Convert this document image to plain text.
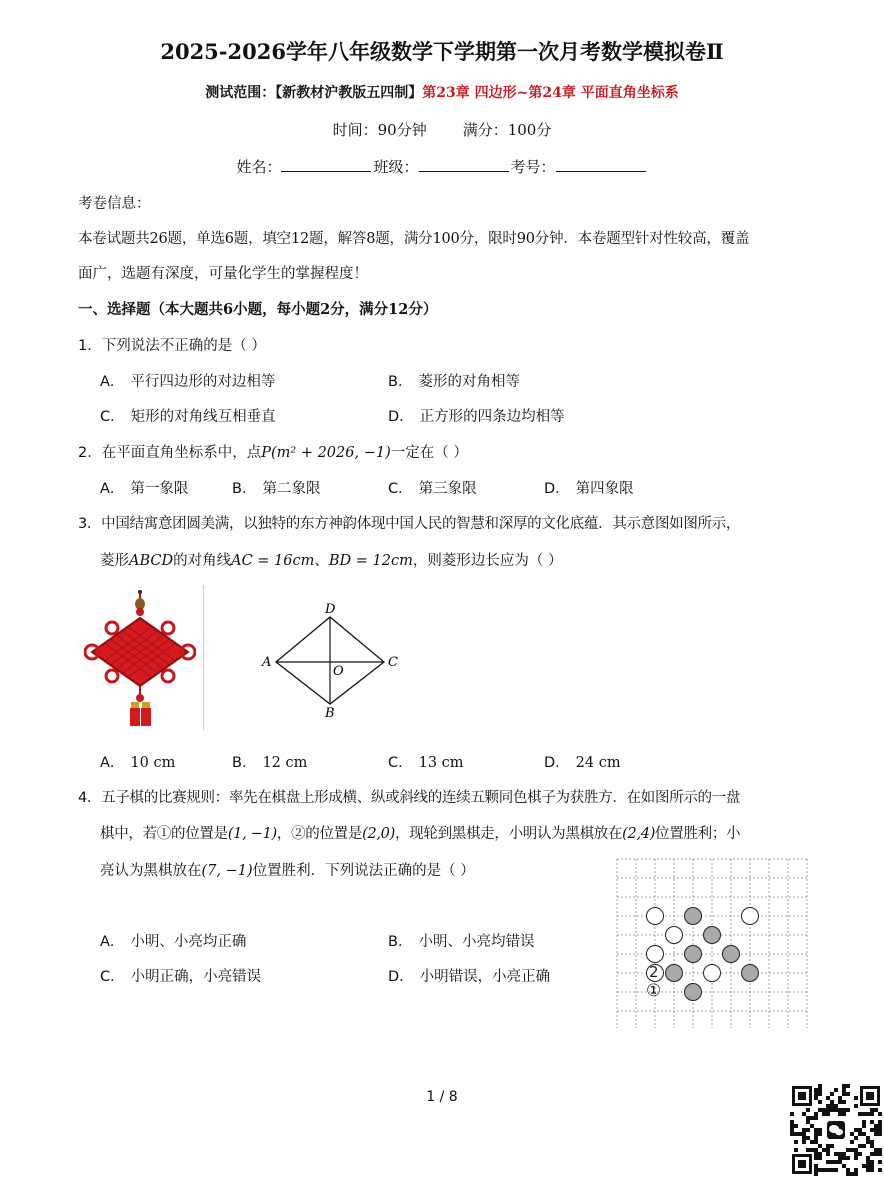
2025-2026学年八年级数学下学期第一次月考数学模拟卷Ⅱ
测试范围：【新教材沪教版五四制】第23章 四边形~第24章 平面直角坐标系
时间：90分钟 满分：100分
姓名：	班级：	考号：
考卷信息：
本卷试题共26题，单选6题，填空12题，解答8题，满分100分，限时90分钟．本卷题型针对性较高，覆盖
面广，选题有深度，可量化学生的掌握程度！
一、选择题（本大题共6小题，每小题2分，满分12分）
1．下列说法不正确的是（ ）
A． 平行四边形的对边相等	B． 菱形的对角相等
C． 矩形的对角线互相垂直	D． 正方形的四条边均相等
2．在平面直角坐标系中，点P(m² + 2026, −1)一定在（ ）
A． 第一象限	B． 第二象限	C． 第三象限	D． 第四象限
3．中国结寓意团圆美满，以独特的东方神韵体现中国人民的智慧和深厚的文化底蕴．其示意图如图所示，
菱形ABCD的对角线AC = 16cm、BD = 12cm，则菱形边长应为（ ）
A	C
D
B
O
A． 10 cm	B． 12 cm	C． 13 cm	D． 24 cm
4．五子棋的比赛规则：率先在棋盘上形成横、纵或斜线的连续五颗同色棋子为获胜方．在如图所示的一盘
棋中，若①的位置是(1, −1)，②的位置是(2,0)，现轮到黑棋走，小明认为黑棋放在(2,4)位置胜利；小
亮认为黑棋放在(7, −1)位置胜利．下列说法正确的是（ ）
A． 小明、小亮均正确	B． 小明、小亮均错误
C． 小明正确，小亮错误	D． 小明错误，小亮正确	2
①
1 / 8
